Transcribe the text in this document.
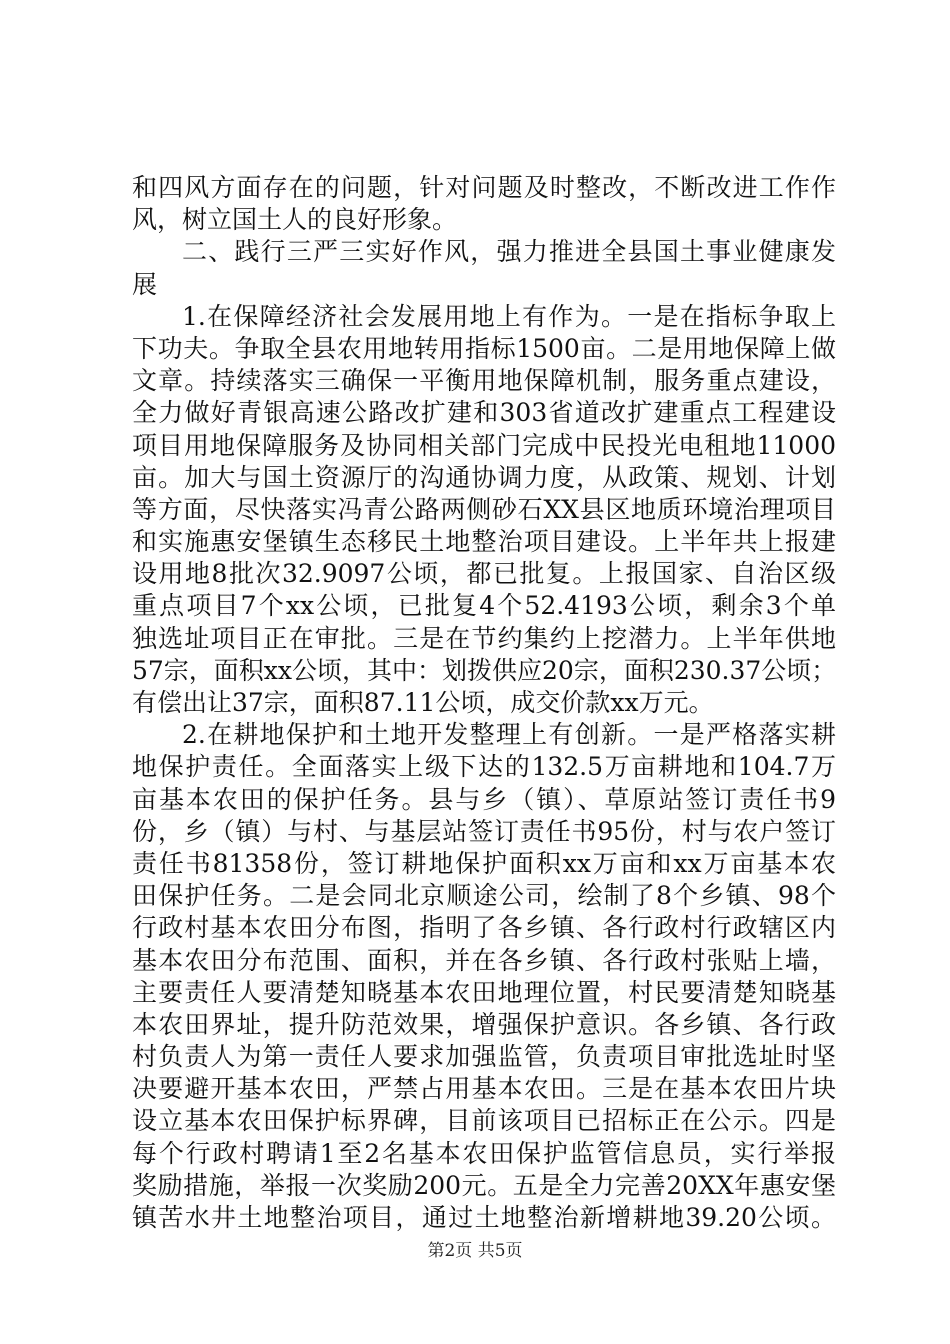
和四风方面存在的问题，针对问题及时整改，不断改进工作作
风，树立国土人的良好形象。
二、践行三严三实好作风，强力推进全县国土事业健康发
展
1.在保障经济社会发展用地上有作为。一是在指标争取上
下功夫。争取全县农用地转用指标1500亩。二是用地保障上做
文章。持续落实三确保一平衡用地保障机制，服务重点建设，
全力做好青银高速公路改扩建和303省道改扩建重点工程建设
项目用地保障服务及协同相关部门完成中民投光电租地11000
亩。加大与国土资源厅的沟通协调力度，从政策、规划、计划
等方面，尽快落实冯青公路两侧砂石XX县区地质环境治理项目
和实施惠安堡镇生态移民土地整治项目建设。上半年共上报建
设用地8批次32.9097公顷，都已批复。上报国家、自治区级
重点项目7个xx公顷，已批复4个52.4193公顷，剩余3个单
独选址项目正在审批。三是在节约集约上挖潜力。上半年供地
57宗，面积xx公顷，其中：划拨供应20宗，面积230.37公顷；
有偿出让37宗，面积87.11公顷，成交价款xx万元。
2.在耕地保护和土地开发整理上有创新。一是严格落实耕
地保护责任。全面落实上级下达的132.5万亩耕地和104.7万
亩基本农田的保护任务。县与乡（镇）、草原站签订责任书9
份，乡（镇）与村、与基层站签订责任书95份，村与农户签订
责任书81358份，签订耕地保护面积xx万亩和xx万亩基本农
田保护任务。二是会同北京顺途公司，绘制了8个乡镇、98个
行政村基本农田分布图，指明了各乡镇、各行政村行政辖区内
基本农田分布范围、面积，并在各乡镇、各行政村张贴上墙，
主要责任人要清楚知晓基本农田地理位置，村民要清楚知晓基
本农田界址，提升防范效果，增强保护意识。各乡镇、各行政
村负责人为第一责任人要求加强监管，负责项目审批选址时坚
决要避开基本农田，严禁占用基本农田。三是在基本农田片块
设立基本农田保护标界碑，目前该项目已招标正在公示。四是
每个行政村聘请1至2名基本农田保护监管信息员，实行举报
奖励措施，举报一次奖励200元。五是全力完善20XX年惠安堡
镇苦水井土地整治项目，通过土地整治新增耕地39.20公顷。
第2页 共5页
